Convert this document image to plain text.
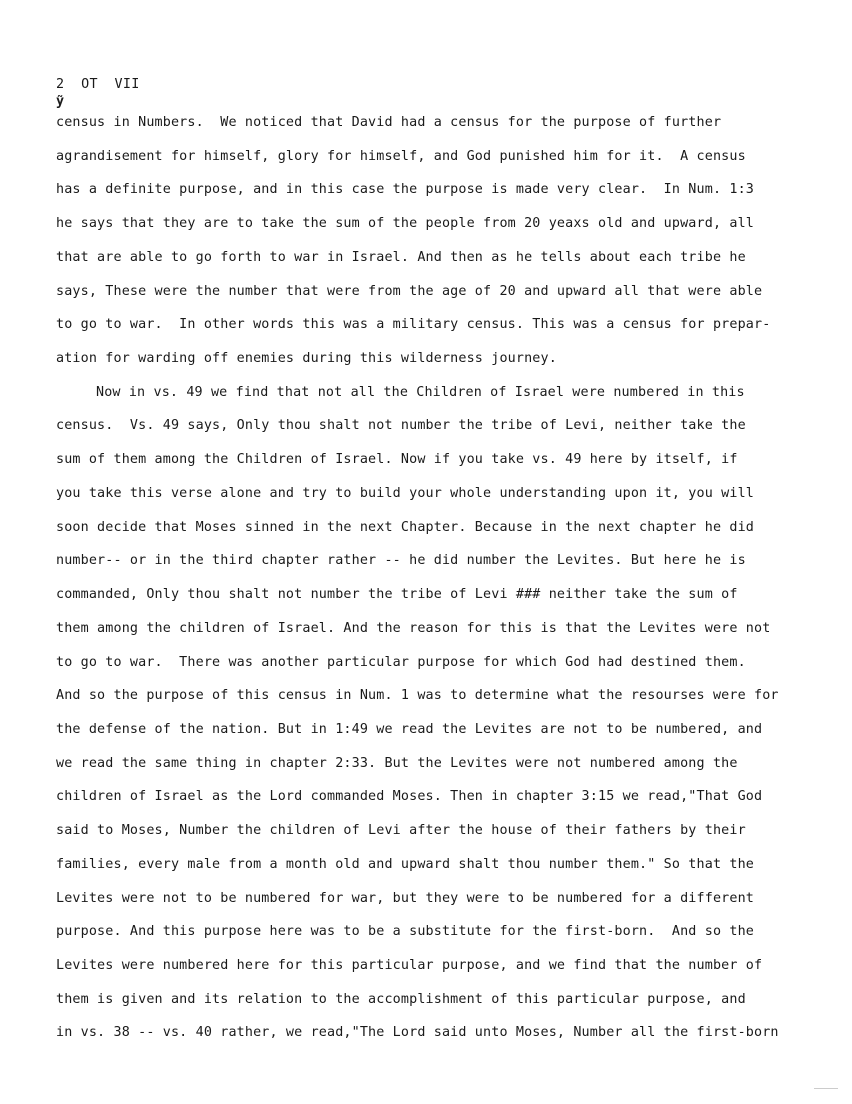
2  OT  VII
ỹ
census in Numbers.  We noticed that David had a census for the purpose of further
agrandisement for himself, glory for himself, and God punished him for it.  A census
has a definite purpose, and in this case the purpose is made very clear.  In Num. 1:3
he says that they are to take the sum of the people from 20 yeaxs old and upward, all
that are able to go forth to war in Israel. And then as he tells about each tribe he
says, These were the number that were from the age of 20 and upward all that were able
to go to war.  In other words this was a military census. This was a census for prepar-
ation for warding off enemies during this wilderness journey.
Now in vs. 49 we find that not all the Children of Israel were numbered in this
census.  Vs. 49 says, Only thou shalt not number the tribe of Levi, neither take the
sum of them among the Children of Israel. Now if you take vs. 49 here by itself, if
you take this verse alone and try to build your whole understanding upon it, you will
soon decide that Moses sinned in the next Chapter. Because in the next chapter he did
number-- or in the third chapter rather -- he did number the Levites. But here he is
commanded, Only thou shalt not number the tribe of Levi ### neither take the sum of
them among the children of Israel. And the reason for this is that the Levites were not
to go to war.  There was another particular purpose for which God had destined them.
And so the purpose of this census in Num. 1 was to determine what the resourses were for
the defense of the nation. But in 1:49 we read the Levites are not to be numbered, and
we read the same thing in chapter 2:33. But the Levites were not numbered among the
children of Israel as the Lord commanded Moses. Then in chapter 3:15 we read,"That God
said to Moses, Number the children of Levi after the house of their fathers by their
families, every male from a month old and upward shalt thou number them." So that the
Levites were not to be numbered for war, but they were to be numbered for a different
purpose. And this purpose here was to be a substitute for the first-born.  And so the
Levites were numbered here for this particular purpose, and we find that the number of
them is given and its relation to the accomplishment of this particular purpose, and
in vs. 38 -- vs. 40 rather, we read,"The Lord said unto Moses, Number all the first-born
